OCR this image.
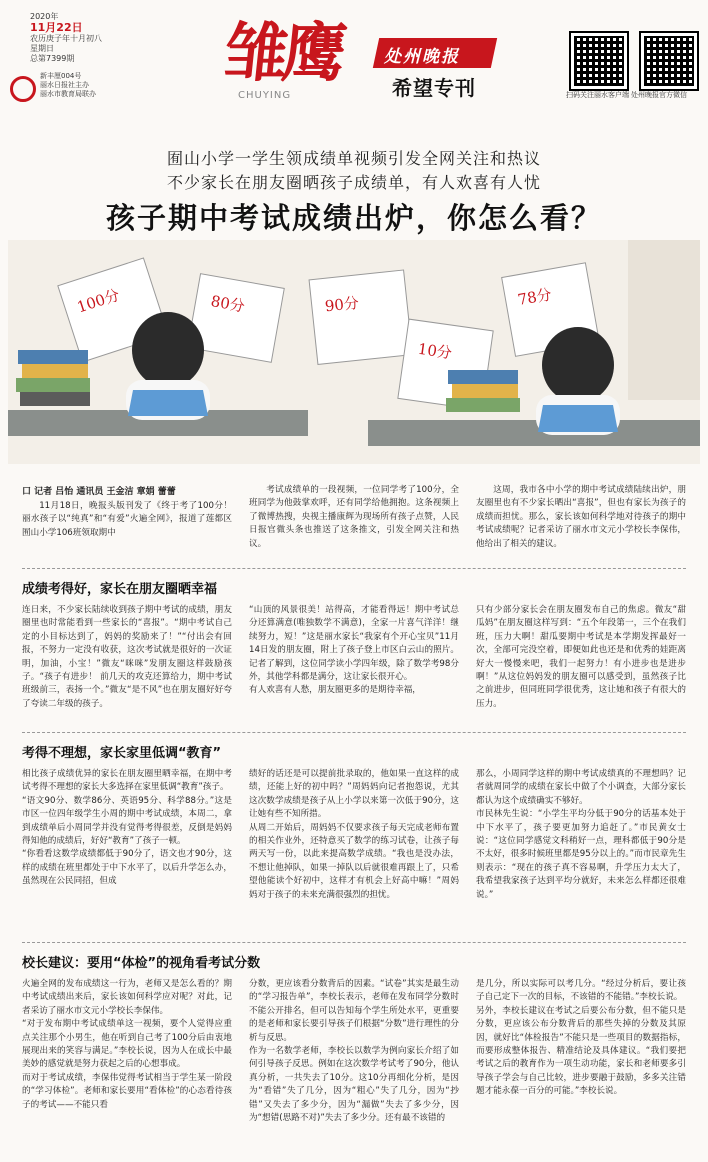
2020年
11月22日
农历庚子年十月初八
星期日
总第7399期
新丰厘004号
丽水日报社主办
丽水市教育局联办
雏鹰
CHUYING
处州晚报
希望专刊	扫码关注丽水客户端 处州晚报官方微信
囿山小学一学生领成绩单视频引发全网关注和热议
不少家长在朋友圈晒孩子成绩单，有人欢喜有人忧
孩子期中考试成绩出炉，你怎么看？
100分	80分	90分
10分
78分
口 记者 吕怡 通讯员 王金洁 章娟 蕾蕾

11月18日，晚报头版刊发了《终于考了100分！丽水孩子以“纯真”和“有爱”火遍全网》，报道了莲都区囿山小学106班领取期中

考试成绩单的一段视频，一位同学考了100分，全班同学为他鼓掌欢呼，还有同学给他拥抱。这条视频上了微博热搜，央视主播康辉为现场所有孩子点赞，人民日报官微头条也推送了这条推文，引发全网关注和热议。

这周，我市各中小学的期中考试成绩陆续出炉，朋友圈里也有不少家长晒出“喜报”，但也有家长为孩子的成绩而担忧。那么，家长该如何科学地对待孩子的期中考试成绩呢？记者采访了丽水市文元小学校长李保伟，他给出了相关的建议。

成绩考得好，家长在朋友圈晒幸福
连日来，不少家长陆续收到孩子期中考试的成绩，朋友圈里也时常能看到一些家长的“喜报”。“期中考试自己定的小目标达到了，妈妈的奖励来了！”“付出会有回报，不努力一定没有收获，这次考试就是很好的一次证明，加油，小宝！”微友“咪咪”发朋友圈这样鼓励孩子。“孩子有进步！ 前几天的攻克还算给力，期中考试班级前三，表扬一个。”微友“是不风”也在朋友圈好好夸了夸读二年级的孩子。
“山顶的风景很美！站得高，才能看得远！期中考试总分还算满意(唯独数学不满意)，全家一片喜气洋洋！继续努力，短！”这是丽水家长“我家有个开心宝贝”11月14日发的朋友圈，附上了孩子登上市区白云山的照片。记者了解到，这位同学读小学四年级，除了数学考98分外，其他学科都是满分，这让家长很开心。
有人欢喜有人愁，朋友圈更多的是期待幸福，
只有少部分家长会在朋友圈发布自己的焦虑。微友“甜瓜妈”在朋友圈这样写到：“五个年段第一，三个在我们班，压力大啊！甜瓜要期中考试是本学期发挥最好一次，全部可完没空着，即便如此也还是和优秀的娃距离好大一慢慢来吧，我们一起努力！有小进步也是进步啊！”从这位妈妈发的朋友圈可以感受到，虽然孩子比之前进步，但同班同学很优秀，这让她和孩子有很大的压力。
考得不理想，家长家里低调“教育”
相比孩子成绩优异的家长在朋友圈里晒幸福，在期中考试考得不理想的家长大多选择在家里低调“教育”孩子。
“语文90分、数学86分、英语95分、科学88分。”这是市区一位四年级学生小周的期中考试成绩，本周二，拿到成绩单后小周同学并没有觉得考得很差，反倒是妈妈得知他的成绩后，好好“教育”了孩子一顿。
“你看看这数学成绩都低于90分了，语文也才90分，这样的成绩在班里都处于中下水平了，以后升学怎么办，虽然现在公民同招，但成
绩好的话还是可以提前批录取的，他如果一直这样的成绩，还能上好的初中吗？”周妈妈向记者抱怨说，尤其这次数学成绩是孩子从上小学以来第一次低于90分，这让她有些不知所措。
从周二开始后，周妈妈不仅要求孩子每天完成老师布置的相关作业外，还特意买了数学的练习试卷，让孩子每两天写一份，以此来提高数学成绩。“我也是没办法，不想让他掉队，如果一掉队以后就很难再跟上了，只希望他能读个好初中，这样才有机会上好高中嘛！”周妈妈对于孩子的未来充满很强烈的担忧。
那么，小周同学这样的期中考试成绩真的不理想吗？记者就周同学的成绩在家长中做了个小调查，大部分家长都认为这个成绩确实不够好。
市民林先生说：“小学生平均分低于90分的话基本处于中下水平了，孩子要更加努力追赶了。”市民黄女士说：“这位同学感觉文科稍好一点，理科都低于90分是不太好，很多时候班里都是95分以上的。”而市民章先生则表示：“现在的孩子真不容易啊，升学压力太大了，我希望我家孩子达到平均分就好，未来怎么样都还很难说。”
校长建议：要用“体检”的视角看考试分数
火遍全网的发布成绩这一行为，老师又是怎么看的？期中考试成绩出来后，家长该如何科学应对呢？对此，记者采访了丽水市文元小学校长李保伟。
“对于发布期中考试成绩单这一视频，要个人觉得应重点关注那个小男生，他在听到自己考了100分后由衷地展现出来的笑容与满足。”李校长说，因为人在成长中最美妙的感觉就是努力获起之后的心想事成。
而对于考试成绩，李保伟觉得考试相当于学生某一阶段的“学习体检”。老师和家长要用“看体检”的心态看待孩子的考试——不能只看
分数，更应该看分数背后的因素。“试卷”其实是最生动的“学习报告单”，李校长表示，老师在发布同学分数时不能公开排名，但可以告知每个学生所处水平，更重要的是老师和家长要引导孩子们根据“分数”进行理性的分析与反思。
作为一名数学老师，李校长以数学为例向家长介绍了如何引导孩子反思。例如在这次数学考试考了90分，他认真分析，一共失去了10分。这10分再细化分析，是因为“看错”失了几分，因为“粗心”失了几分，因为“抄错”又失去了多少分，因为“漏做”失去了多少分，因为“想错(思路不对)”失去了多少分。还有最不该错的
是几分，所以实际可以考几分。“经过分析后，要让孩子自己定下一次的目标，不该错的不能错。”李校长说。
另外，李校长建议在考试之后要公布分数，但不能只是分数，更应该公布分数背后的那些失掉的分数及其原因，就好比“体检报告”不能只是一些项目的数据指标，而要形成整体报告、精准结论及具体建议。“我们要把考试之后的教育作为一项生动功能，家长和老师要多引导孩子学会与自己比较，进步要融于鼓励，多多关注错题才能永葆一百分的可能。”李校长说。
